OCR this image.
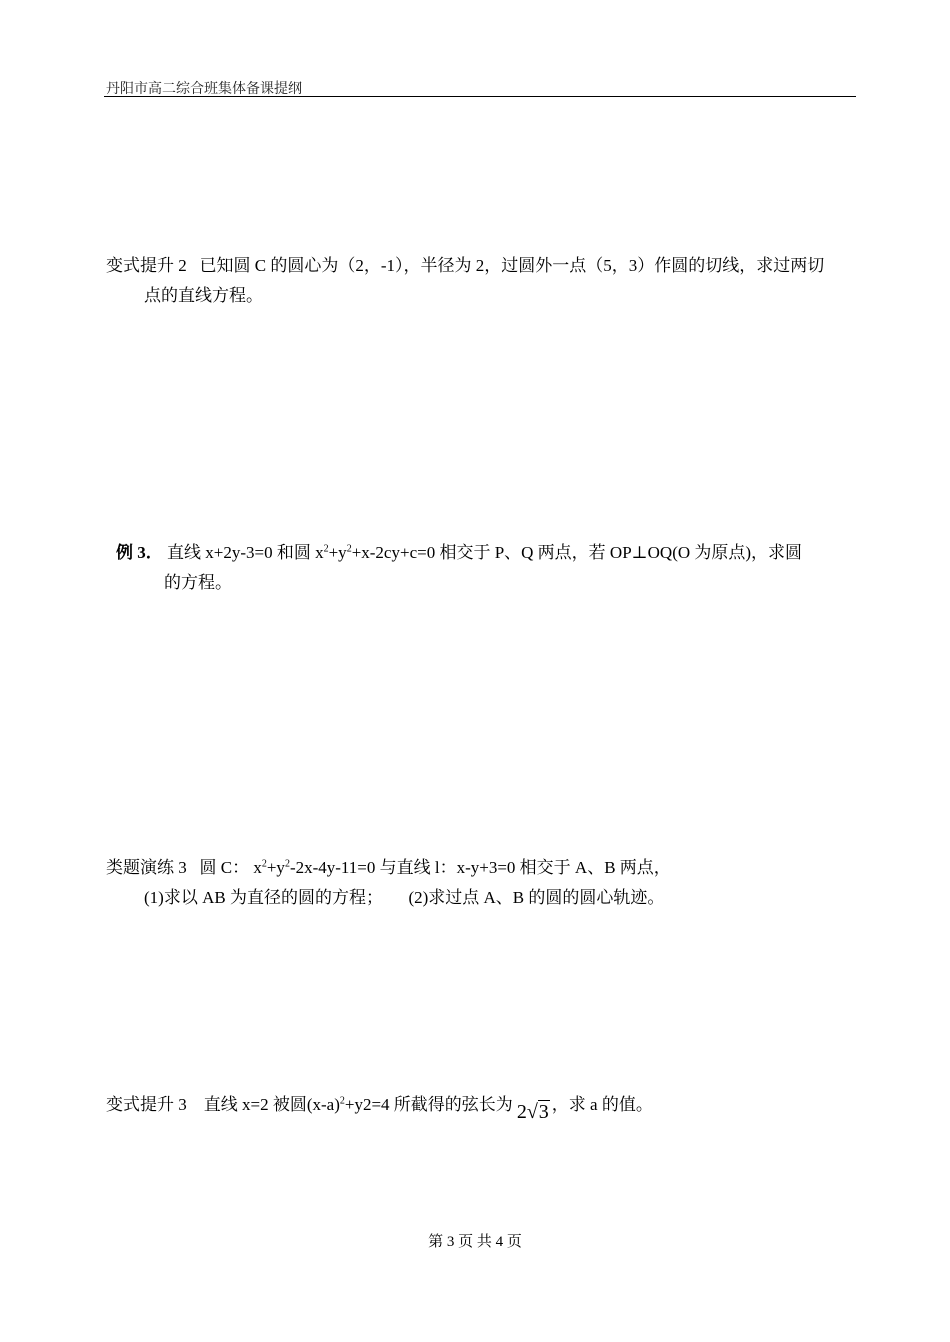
丹阳市高二综合班集体备课提纲
变式提升 2 已知圆 C 的圆心为（2，-1），半径为 2，过圆外一点（5，3）作圆的切线，求过两切
点的直线方程。
例 3． 直线 x+2y-3=0 和圆 $x^2+y^2+x-2cy+c=0$ 相交于 P、Q 两点，若 OP⊥OQ(O 为原点)，求圆
的方程。
类题演练 3 圆 C： $x^2+y^2-2x-4y-11=0$ 与直线 l：x-y+3=0 相交于 A、B 两点，
(1)求以 AB 为直径的圆的方程； (2)求过点 A、B 的圆的圆心轨迹。
变式提升 3 直线 x=2 被圆$(x-a)^2+y2=4$ 所截得的弦长为 2√3 ，求 a 的值。
第 3 页 共 4 页
